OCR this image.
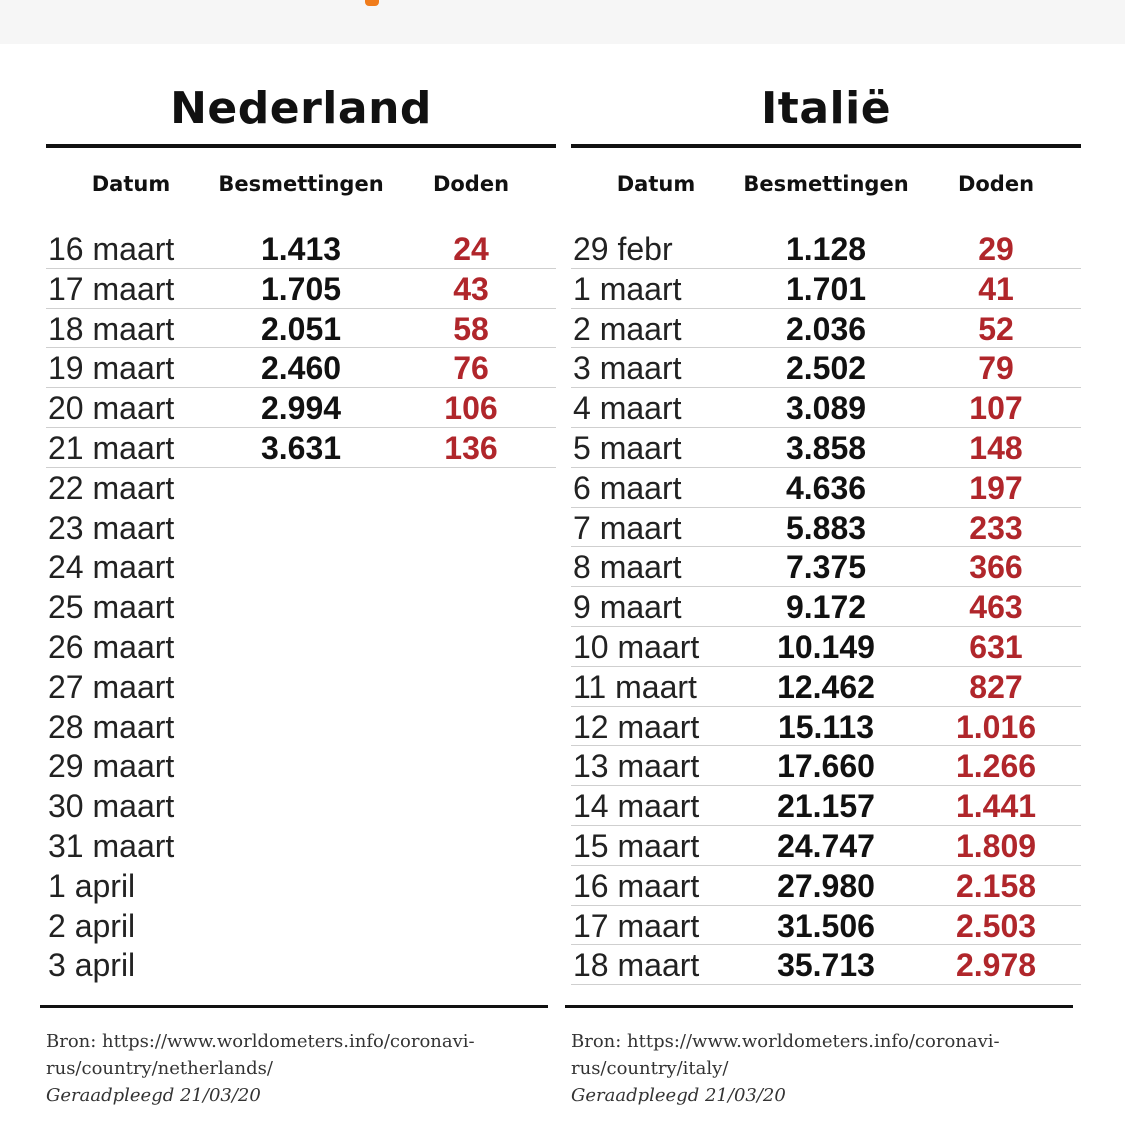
Nederland
Datum	Besmettingen	Doden
16 maart	1.413	24
17 maart	1.705	43
18 maart	2.051	58
19 maart	2.460	76
20 maart	2.994	106
21 maart	3.631	136
22 maart
23 maart
24 maart
25 maart
26 maart
27 maart
28 maart
29 maart
30 maart
31 maart
1 april
2 april
3 april
Bron: https://www.worldometers.info/coronavi-
rus/country/netherlands/
Geraadpleegd 21/03/20
Italië
Datum	Besmettingen	Doden
29 febr	1.128	29
1 maart	1.701	41
2 maart	2.036	52
3 maart	2.502	79
4 maart	3.089	107
5 maart	3.858	148
6 maart	4.636	197
7 maart	5.883	233
8 maart	7.375	366
9 maart	9.172	463
10 maart	10.149	631
11 maart	12.462	827
12 maart	15.113	1.016
13 maart	17.660	1.266
14 maart	21.157	1.441
15 maart	24.747	1.809
16 maart	27.980	2.158
17 maart	31.506	2.503
18 maart	35.713	2.978
Bron: https://www.worldometers.info/coronavi-
rus/country/italy/
Geraadpleegd 21/03/20
